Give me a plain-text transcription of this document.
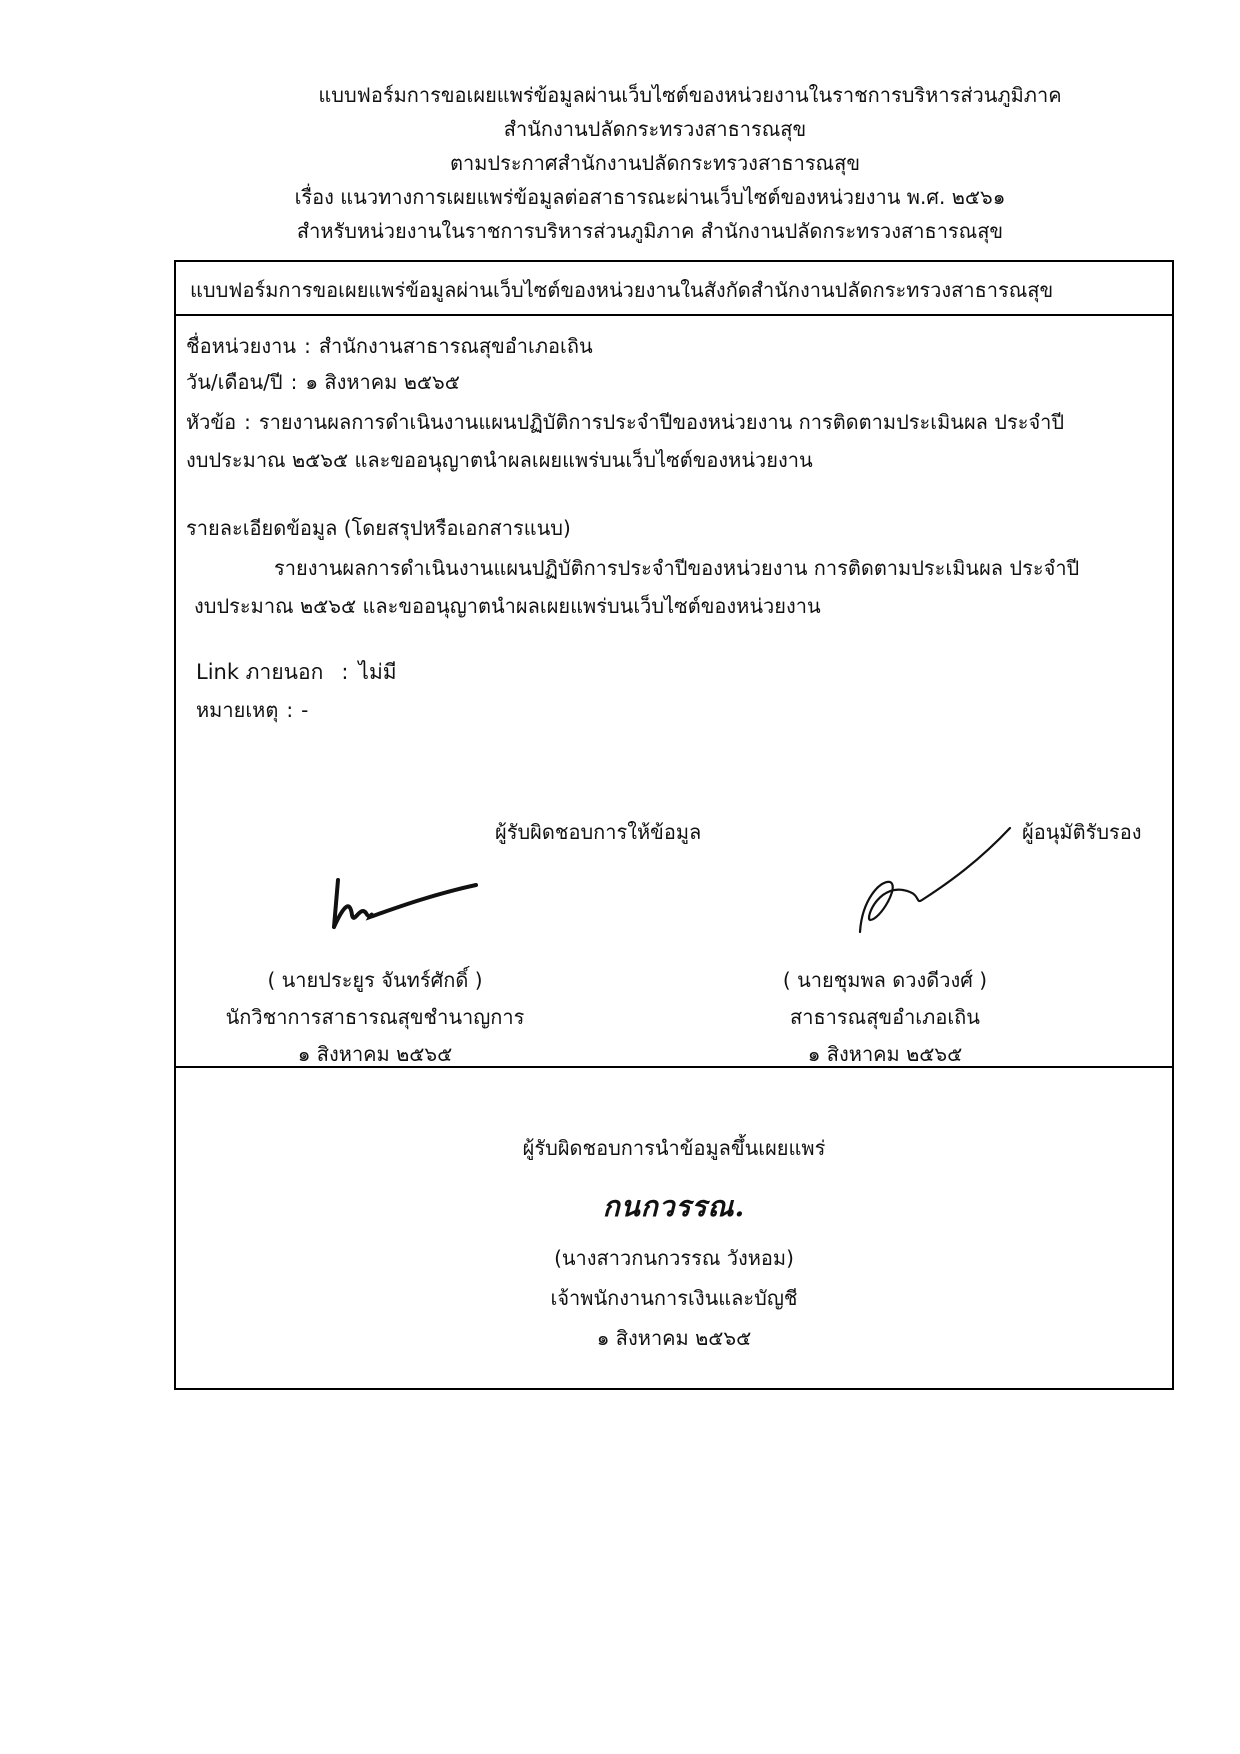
แบบฟอร์มการขอเผยแพร่ข้อมูลผ่านเว็บไซต์ของหน่วยงานในราชการบริหารส่วนภูมิภาค
สำนักงานปลัดกระทรวงสาธารณสุข
ตามประกาศสำนักงานปลัดกระทรวงสาธารณสุข
เรื่อง แนวทางการเผยแพร่ข้อมูลต่อสาธารณะผ่านเว็บไซต์ของหน่วยงาน พ.ศ. ๒๕๖๑
สำหรับหน่วยงานในราชการบริหารส่วนภูมิภาค สำนักงานปลัดกระทรวงสาธารณสุข
แบบฟอร์มการขอเผยแพร่ข้อมูลผ่านเว็บไซต์ของหน่วยงานในสังกัดสำนักงานปลัดกระทรวงสาธารณสุข
ชื่อหน่วยงาน : สำนักงานสาธารณสุขอำเภอเถิน
วัน/เดือน/ปี : ๑ สิงหาคม ๒๕๖๕
หัวข้อ : รายงานผลการดำเนินงานแผนปฏิบัติการประจำปีของหน่วยงาน การติดตามประเมินผล ประจำปี
งบประมาณ ๒๕๖๕ และขออนุญาตนำผลเผยแพร่บนเว็บไซต์ของหน่วยงาน
รายละเอียดข้อมูล (โดยสรุปหรือเอกสารแนบ)
รายงานผลการดำเนินงานแผนปฏิบัติการประจำปีของหน่วยงาน การติดตามประเมินผล ประจำปี
งบประมาณ ๒๕๖๕ และขออนุญาตนำผลเผยแพร่บนเว็บไซต์ของหน่วยงาน
Link ภายนอก : ไม่มี
หมายเหตุ : -
ผู้รับผิดชอบการให้ข้อมูล	ผู้อนุมัติรับรอง
( นายประยูร จันทร์ศักดิ์ )
นักวิชาการสาธารณสุขชำนาญการ
๑ สิงหาคม ๒๕๖๕
( นายชุมพล ดวงดีวงศ์ )
สาธารณสุขอำเภอเถิน
๑ สิงหาคม ๒๕๖๕
ผู้รับผิดชอบการนำข้อมูลขึ้นเผยแพร่
กนกวรรณ.
(นางสาวกนกวรรณ วังหอม)
เจ้าพนักงานการเงินและบัญชี
๑ สิงหาคม ๒๕๖๕
